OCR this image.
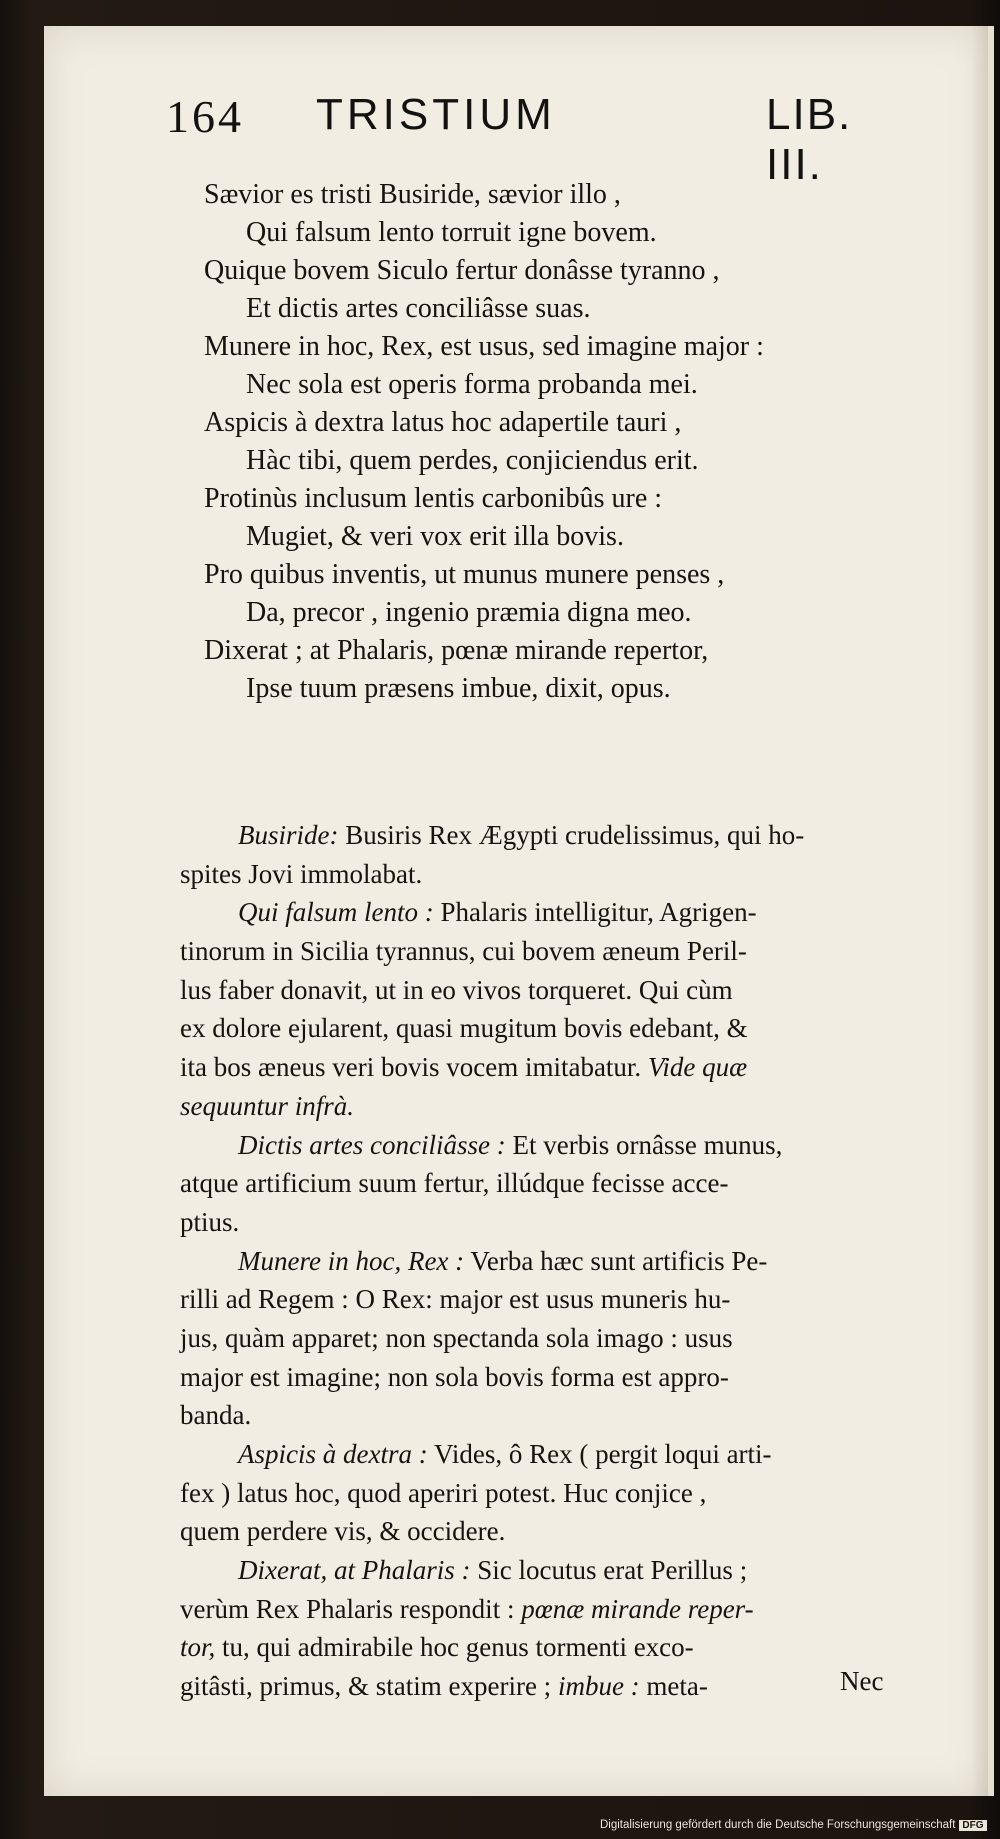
164 TRISTIUM	LIB. III.
Sævior es tristi Busiride, sævior illo ,
Qui falsum lento torruit igne bovem.
Quique bovem Siculo fertur donâsse tyranno ,
Et dictis artes conciliâsse suas.
Munere in hoc, Rex, est usus, sed imagine major :
Nec sola est operis forma probanda mei.
Aspicis à dextra latus hoc adapertile tauri ,
Hàc tibi, quem perdes, conjiciendus erit.
Protinùs inclusum lentis carbonibûs ure :
Mugiet, & veri vox erit illa bovis.
Pro quibus inventis, ut munus munere penses ,
Da, precor , ingenio præmia digna meo.
Dixerat ; at Phalaris, pœnæ mirande repertor,
Ipse tuum præsens imbue, dixit, opus.
Busiride: Busiris Rex Ægypti crudelissimus, qui ho-
spites Jovi immolabat.
Qui falsum lento : Phalaris intelligitur, Agrigen-
tinorum in Sicilia tyrannus, cui bovem æneum Peril-
lus faber donavit, ut in eo vivos torqueret. Qui cùm
ex dolore ejularent, quasi mugitum bovis edebant, &
ita bos æneus veri bovis vocem imitabatur. Vide quæ
sequuntur infrà.
Dictis artes conciliâsse : Et verbis ornâsse munus,
atque artificium suum fertur, illúdque fecisse acce-
ptius.
Munere in hoc, Rex : Verba hæc sunt artificis Pe-
rilli ad Regem : O Rex: major est usus muneris hu-
jus, quàm apparet; non spectanda sola imago : usus
major est imagine; non sola bovis forma est appro-
banda.
Aspicis à dextra : Vides, ô Rex ( pergit loqui arti-
fex ) latus hoc, quod aperiri potest. Huc conjice ,
quem perdere vis, & occidere.
Dixerat, at Phalaris : Sic locutus erat Perillus ;
verùm Rex Phalaris respondit : pœnæ mirande reper-
tor, tu, qui admirabile hoc genus tormenti exco-
gitâsti, primus, & statim experire ; imbue : meta-	Nec
Digitalisierung gefördert durch die Deutsche Forschungsgemeinschaft DFG
